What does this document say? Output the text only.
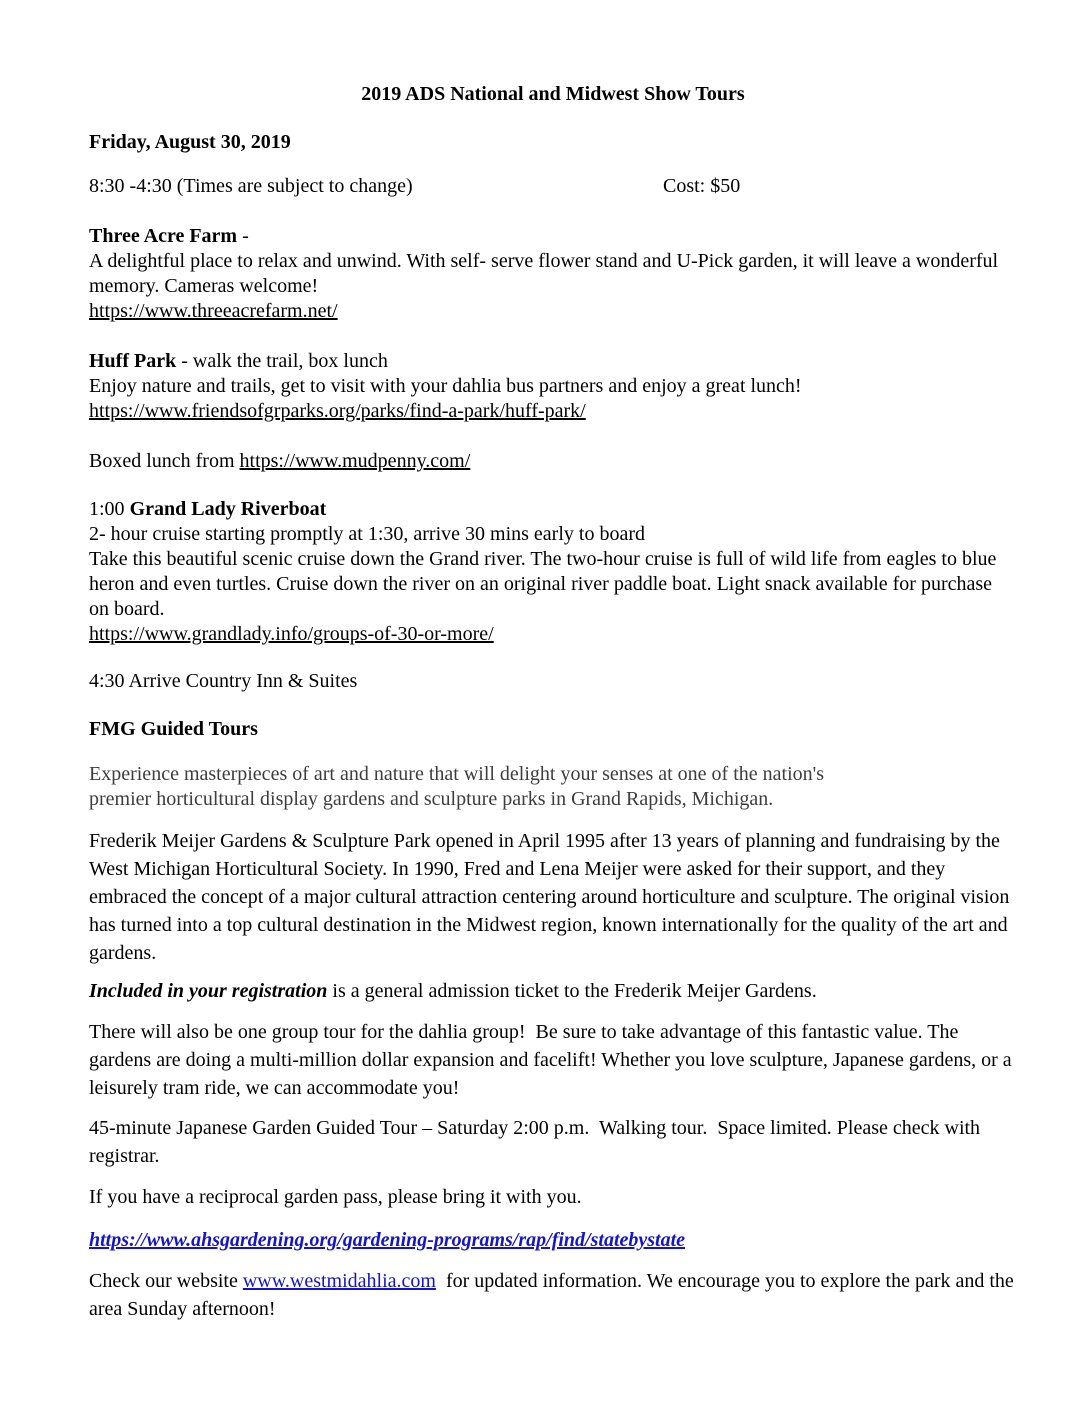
2019 ADS National and Midwest Show Tours

Friday, August 30, 2019

8:30 -4:30 (Times are subject to change)	Cost: $50

Three Acre Farm -
A delightful place to relax and unwind. With self- serve flower stand and U-Pick garden, it will leave a wonderful memory. Cameras welcome!
https://www.threeacrefarm.net/

Huff Park - walk the trail, box lunch
Enjoy nature and trails, get to visit with your dahlia bus partners and enjoy a great lunch!
https://www.friendsofgrparks.org/parks/find-a-park/huff-park/

Boxed lunch from https://www.mudpenny.com/

1:00 Grand Lady Riverboat
2- hour cruise starting promptly at 1:30, arrive 30 mins early to board
Take this beautiful scenic cruise down the Grand river. The two-hour cruise is full of wild life from eagles to blue heron and even turtles. Cruise down the river on an original river paddle boat. Light snack available for purchase on board.
https://www.grandlady.info/groups-of-30-or-more/

4:30 Arrive Country Inn & Suites

FMG Guided Tours

Experience masterpieces of art and nature that will delight your senses at one of the nation's
premier horticultural display gardens and sculpture parks in Grand Rapids, Michigan.

Frederik Meijer Gardens & Sculpture Park opened in April 1995 after 13 years of planning and fundraising by the West Michigan Horticultural Society. In 1990, Fred and Lena Meijer were asked for their support, and they embraced the concept of a major cultural attraction centering around horticulture and sculpture. The original vision has turned into a top cultural destination in the Midwest region, known internationally for the quality of the art and gardens.

Included in your registration is a general admission ticket to the Frederik Meijer Gardens.

There will also be one group tour for the dahlia group!  Be sure to take advantage of this fantastic value. The gardens are doing a multi-million dollar expansion and facelift! Whether you love sculpture, Japanese gardens, or a leisurely tram ride, we can accommodate you!

45-minute Japanese Garden Guided Tour – Saturday 2:00 p.m.  Walking tour.  Space limited. Please check with registrar.

If you have a reciprocal garden pass, please bring it with you.

https://www.ahsgardening.org/gardening-programs/rap/find/statebystate

Check our website www.westmidahlia.com  for updated information. We encourage you to explore the park and the area Sunday afternoon!
